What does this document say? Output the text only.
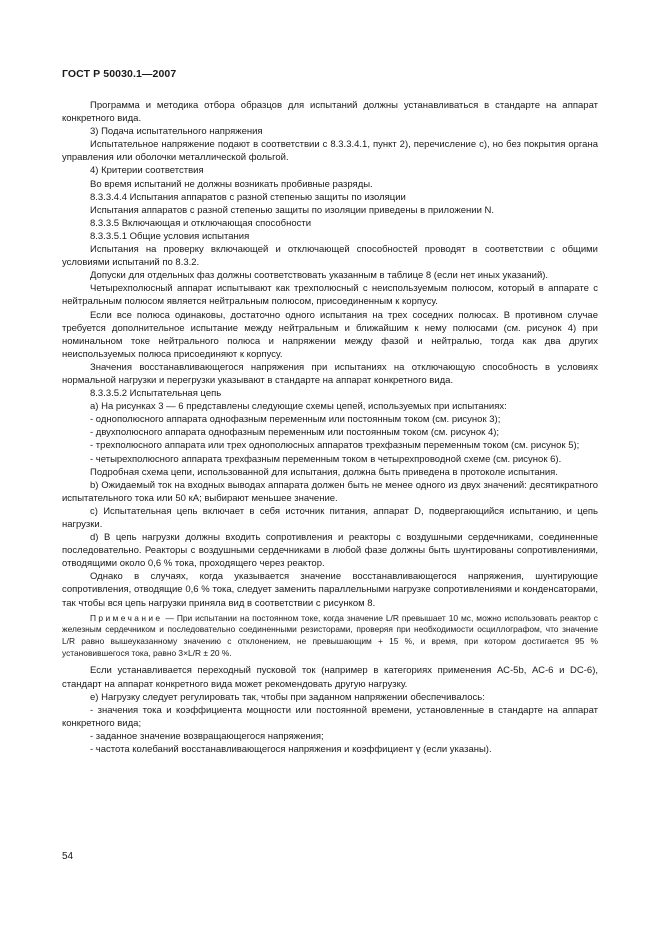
ГОСТ Р 50030.1—2007

Программа и методика отбора образцов для испытаний должны устанавливаться в стандарте на аппарат конкретного вида.

3) Подача испытательного напряжения

Испытательное напряжение подают в соответствии с 8.3.3.4.1, пункт 2), перечисление с), но без покрытия органа управления или оболочки металлической фольгой.

4) Критерии соответствия

Во время испытаний не должны возникать пробивные разряды.

8.3.3.4.4 Испытания аппаратов с разной степенью защиты по изоляции

Испытания аппаратов с разной степенью защиты по изоляции приведены в приложении N.

8.3.3.5 Включающая и отключающая способности

8.3.3.5.1 Общие условия испытания

Испытания на проверку включающей и отключающей способностей проводят в соответствии с общими условиями испытаний по 8.3.2.

Допуски для отдельных фаз должны соответствовать указанным в таблице 8 (если нет иных указаний).

Четырехполюсный аппарат испытывают как трехполюсный с неиспользуемым полюсом, который в аппарате с нейтральным полюсом является нейтральным полюсом, присоединенным к корпусу.

Если все полюса одинаковы, достаточно одного испытания на трех соседних полюсах. В противном случае требуется дополнительное испытание между нейтральным и ближайшим к нему полюсами (см. рисунок 4) при номинальном токе нейтрального полюса и напряжении между фазой и нейтралью, тогда как два других неиспользуемых полюса присоединяют к корпусу.

Значения восстанавливающегося напряжения при испытаниях на отключающую способность в условиях нормальной нагрузки и перегрузки указывают в стандарте на аппарат конкретного вида.

8.3.3.5.2 Испытательная цепь

а) На рисунках 3 — 6 представлены следующие схемы цепей, используемых при испытаниях:

- однополюсного аппарата однофазным переменным или постоянным током (см. рисунок 3);

- двухполюсного аппарата однофазным переменным или постоянным током (см. рисунок 4);

- трехполюсного аппарата или трех однополюсных аппаратов трехфазным переменным током (см. рисунок 5);

- четырехполюсного аппарата трехфазным переменным током в четырехпроводной схеме (см. рисунок 6).

Подробная схема цепи, использованной для испытания, должна быть приведена в протоколе испытания.

b) Ожидаемый ток на входных выводах аппарата должен быть не менее одного из двух значений: десятикратного испытательного тока или 50 кА; выбирают меньшее значение.

с) Испытательная цепь включает в себя источник питания, аппарат D, подвергающийся испытанию, и цепь нагрузки.

d) В цепь нагрузки должны входить сопротивления и реакторы с воздушными сердечниками, соединенные последовательно. Реакторы с воздушными сердечниками в любой фазе должны быть шунтированы сопротивлениями, отводящими около 0,6 % тока, проходящего через реактор.

Однако в случаях, когда указывается значение восстанавливающегося напряжения, шунтирующие сопротивления, отводящие 0,6 % тока, следует заменить параллельными нагрузке сопротивлениями и конденсаторами, так чтобы вся цепь нагрузки приняла вид в соответствии с рисунком 8.

Примечание — При испытании на постоянном токе, когда значение L/R превышает 10 мс, можно использовать реактор с железным сердечником и последовательно соединенными резисторами, проверяя при необходимости осциллографом, что значение L/R равно вышеуказанному значению с отклонением, не превышающим + 15 %, и время, при котором достигается 95 % установившегося тока, равно 3×L/R ± 20 %.

Если устанавливается переходный пусковой ток (например в категориях применения АС-5b, АС-6 и DC-6), стандарт на аппарат конкретного вида может рекомендовать другую нагрузку.

е) Нагрузку следует регулировать так, чтобы при заданном напряжении обеспечивалось:

- значения тока и коэффициента мощности или постоянной времени, установленные в стандарте на аппарат конкретного вида;

- заданное значение возвращающегося напряжения;

- частота колебаний восстанавливающегося напряжения и коэффициент γ (если указаны).

54
